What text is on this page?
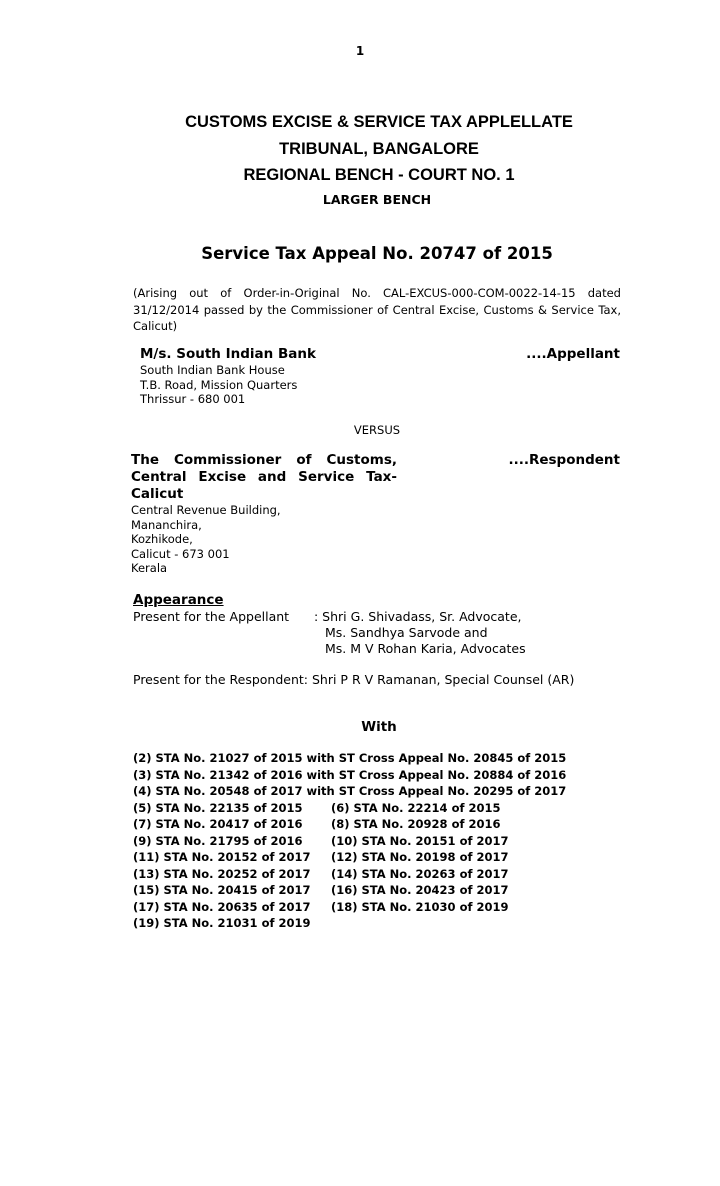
1
CUSTOMS EXCISE & SERVICE TAX APPLELLATE
TRIBUNAL, BANGALORE
REGIONAL BENCH - COURT NO. 1
LARGER BENCH
Service Tax Appeal No. 20747 of 2015
(Arising out of Order-in-Original No. CAL-EXCUS-000-COM-0022-14-15 dated 31/12/2014 passed by the Commissioner of Central Excise, Customs & Service Tax, Calicut)
M/s. South Indian Bank	....Appellant
South Indian Bank House
T.B. Road, Mission Quarters
Thrissur - 680 001
VERSUS
The Commissioner of Customs, Central Excise and Service Tax-Calicut
....Respondent
Central Revenue Building,
Mananchira,
Kozhikode,
Calicut - 673 001
Kerala
Appearance
Present for the Appellant : Shri G. Shivadass, Sr. Advocate,
Ms. Sandhya Sarvode and
Ms. M V Rohan Karia, Advocates
Present for the Respondent: Shri P R V Ramanan, Special Counsel (AR)
With
(2) STA No. 21027 of 2015 with ST Cross Appeal No. 20845 of 2015
(3) STA No. 21342 of 2016 with ST Cross Appeal No. 20884 of 2016
(4) STA No. 20548 of 2017 with ST Cross Appeal No. 20295 of 2017
(5) STA No. 22135 of 2015 (6) STA No. 22214 of 2015
(7) STA No. 20417 of 2016 (8) STA No. 20928 of 2016
(9) STA No. 21795 of 2016 (10) STA No. 20151 of 2017
(11) STA No. 20152 of 2017 (12) STA No. 20198 of 2017
(13) STA No. 20252 of 2017 (14) STA No. 20263 of 2017
(15) STA No. 20415 of 2017 (16) STA No. 20423 of 2017
(17) STA No. 20635 of 2017 (18) STA No. 21030 of 2019
(19) STA No. 21031 of 2019
